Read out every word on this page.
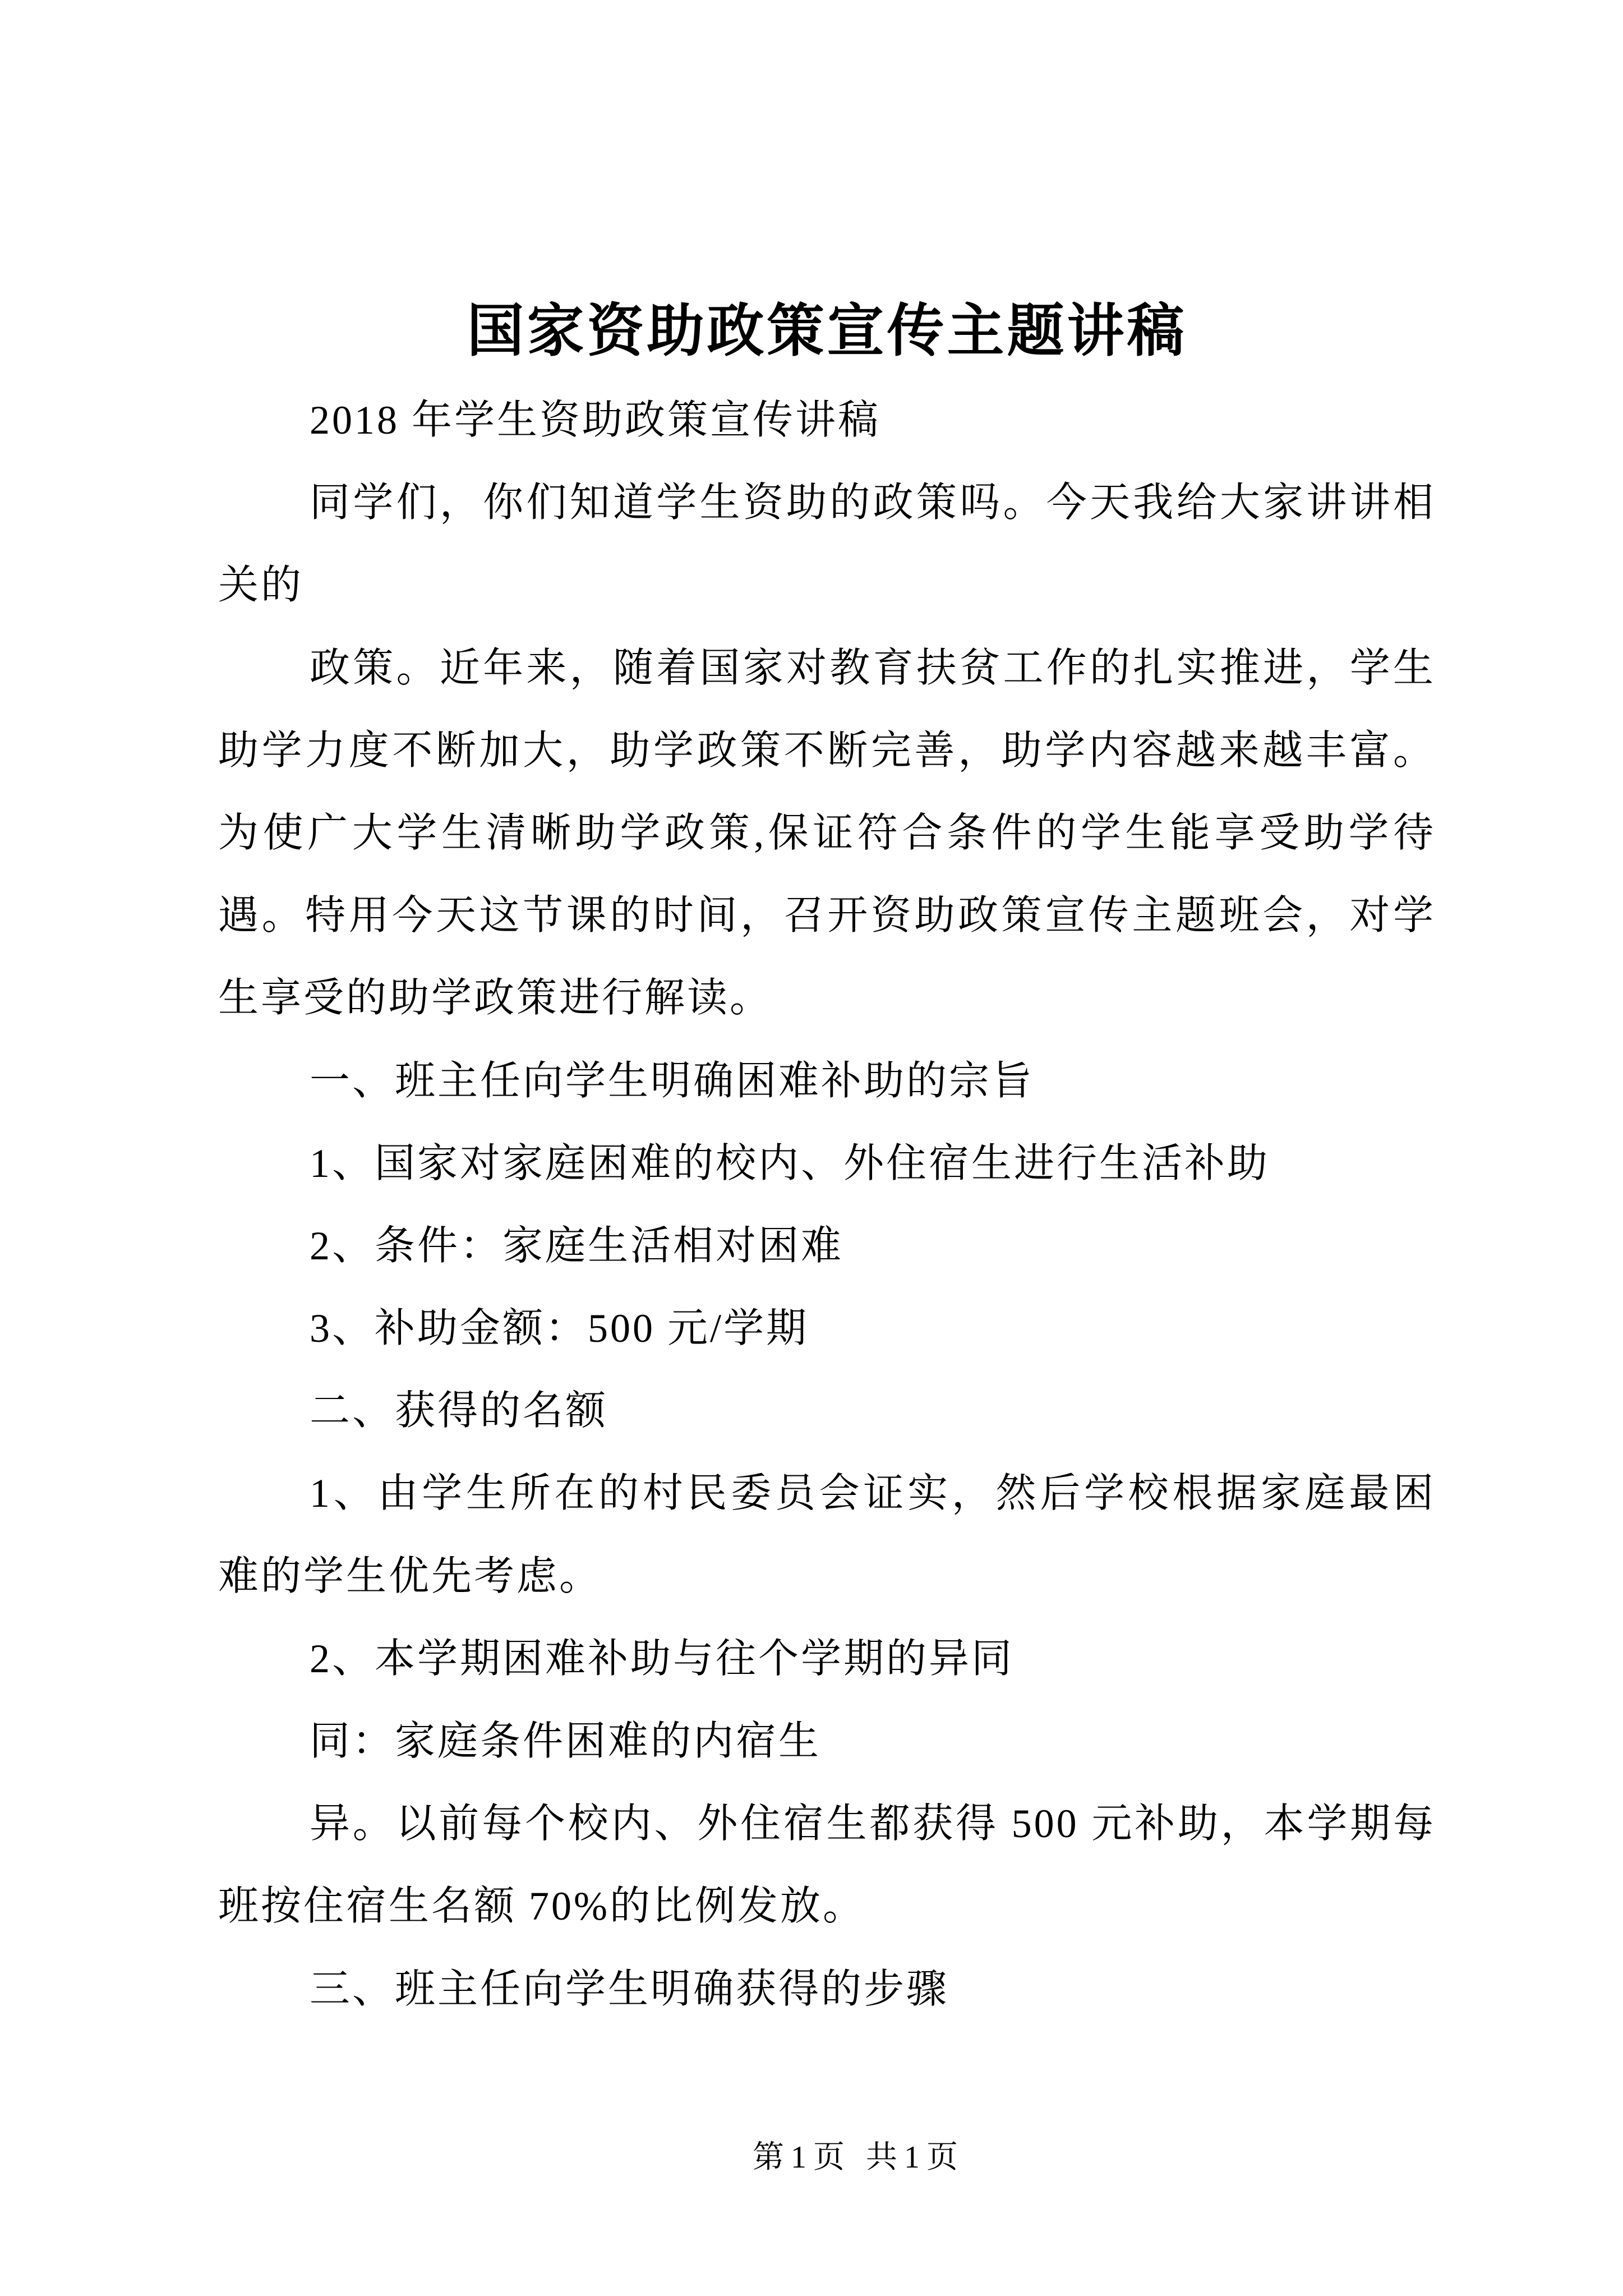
国家资助政策宣传主题讲稿
2018 年学生资助政策宣传讲稿
同学们，你们知道学生资助的政策吗。今天我给大家讲讲相
关的
政策。近年来，随着国家对教育扶贫工作的扎实推进，学生
助学力度不断加大，助学政策不断完善，助学内容越来越丰富。
为使广大学生清晰助学政策,保证符合条件的学生能享受助学待
遇。特用今天这节课的时间，召开资助政策宣传主题班会，对学
生享受的助学政策进行解读。
一、班主任向学生明确困难补助的宗旨
1、国家对家庭困难的校内、外住宿生进行生活补助
2、条件：家庭生活相对困难
3、补助金额：500 元/学期
二、获得的名额
1、由学生所在的村民委员会证实，然后学校根据家庭最困
难的学生优先考虑。
2、本学期困难补助与往个学期的异同
同：家庭条件困难的内宿生
异。以前每个校内、外住宿生都获得 500 元补助，本学期每
班按住宿生名额 70%的比例发放。
三、班主任向学生明确获得的步骤
第1页 共1页
